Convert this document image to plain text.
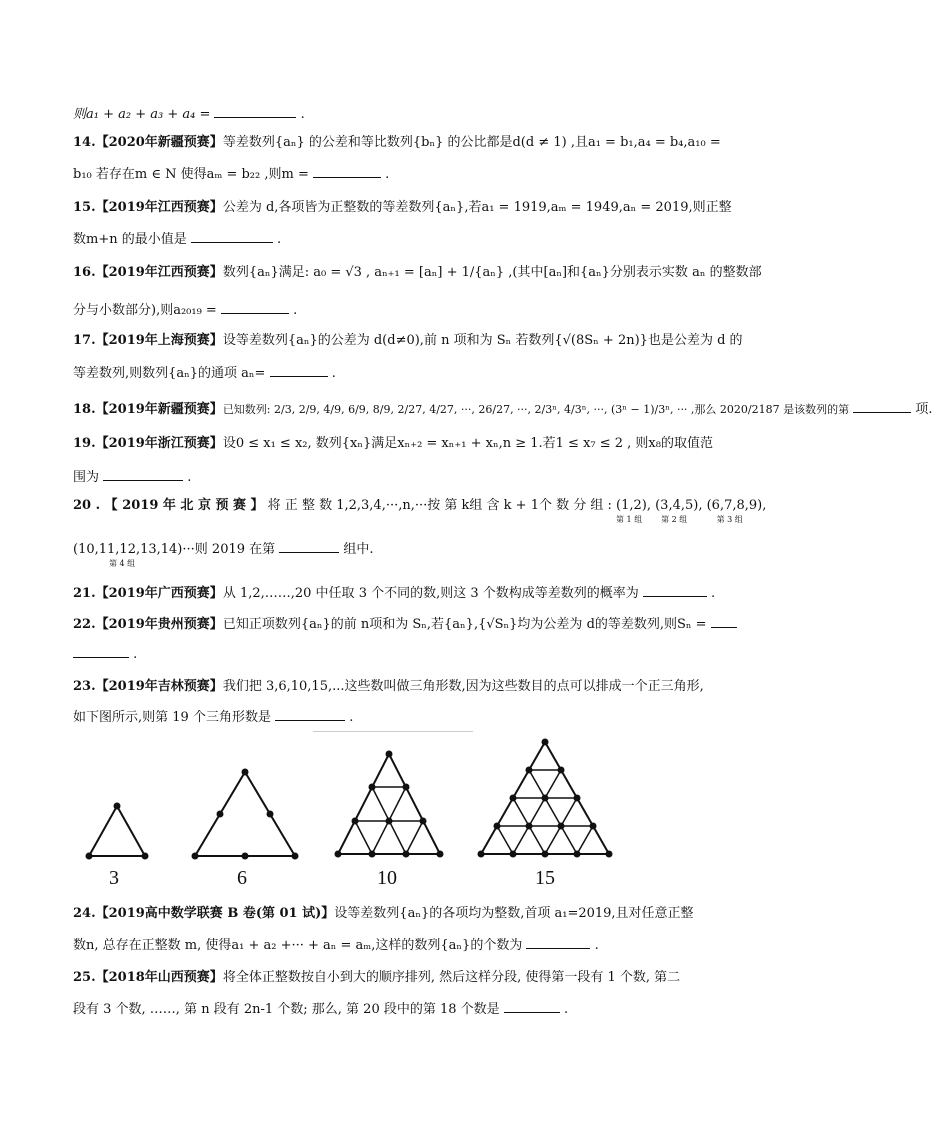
则a₁ + a₂ + a₃ + a₄ =	.
14.【2020年新疆预赛】等差数列{aₙ} 的公差和等比数列{bₙ} 的公比都是d(d ≠ 1) ,且a₁ = b₁,a₄ = b₄,a₁₀ =
b₁₀ 若存在m ∈ N 使得aₘ = b₂₂ ,则m =	.
15.【2019年江西预赛】公差为 d,各项皆为正整数的等差数列{aₙ},若a₁ = 1919,aₘ = 1949,aₙ = 2019,则正整
数m+n 的最小值是	.
16.【2019年江西预赛】数列{aₙ}满足: a₀ = √3 , aₙ₊₁ = [aₙ] + 1/{aₙ} ,(其中[aₙ]和{aₙ}分别表示实数 aₙ 的整数部
分与小数部分),则a₂₀₁₉ =	.
17.【2019年上海预赛】设等差数列{aₙ}的公差为 d(d≠0),前 n 项和为 Sₙ 若数列{√(8Sₙ + 2n)}也是公差为 d 的
等差数列,则数列{aₙ}的通项 aₙ=	.
18.【2019年新疆预赛】已知数列: 2/3, 2/9, 4/9, 6/9, 8/9, 2/27, 4/27, ···, 26/27, ···, 2/3ⁿ, 4/3ⁿ, ···, (3ⁿ − 1)/3ⁿ, ··· ,那么 2020/2187 是该数列的第	项.
19.【2019年浙江预赛】设0 ≤ x₁ ≤ x₂, 数列{xₙ}满足xₙ₊₂ = xₙ₊₁ + xₙ,n ≥ 1.若1 ≤ x₇ ≤ 2 , 则x₈的取值范
围为	.
20 . 【 2019 年 北 京 预 赛 】 将 正 整 数 1,2,3,4,···,n,···按 第 k组 含 k + 1个 数 分 组 : (1,2),
第 1 组
(3,4,5),
第 2 组
(6,7,8,9),
第 3 组
(10,11,12,13,14)
第 4 组
···则 2019 在第	组中.
21.【2019年广西预赛】从 1,2,……,20 中任取 3 个不同的数,则这 3 个数构成等差数列的概率为	.
22.【2019年贵州预赛】已知正项数列{aₙ}的前 n项和为 Sₙ,若{aₙ},{√Sₙ}均为公差为 d的等差数列,则Sₙ =
.
23.【2019年吉林预赛】我们把 3,6,10,15,...这些数叫做三角形数,因为这些数目的点可以排成一个正三角形,
如下图所示,则第 19 个三角形数是	.
3	6	10	15
24.【2019高中数学联赛 B 卷(第 01 试)】设等差数列{aₙ}的各项均为整数,首项 a₁=2019,且对任意正整
数n, 总存在正整数 m, 使得a₁ + a₂ +··· + aₙ = aₘ,这样的数列{aₙ}的个数为	.
25.【2018年山西预赛】将全体正整数按自小到大的顺序排列, 然后这样分段, 使得第一段有 1 个数, 第二
段有 3 个数, ……, 第 n 段有 2n-1 个数; 那么, 第 20 段中的第 18 个数是	.
